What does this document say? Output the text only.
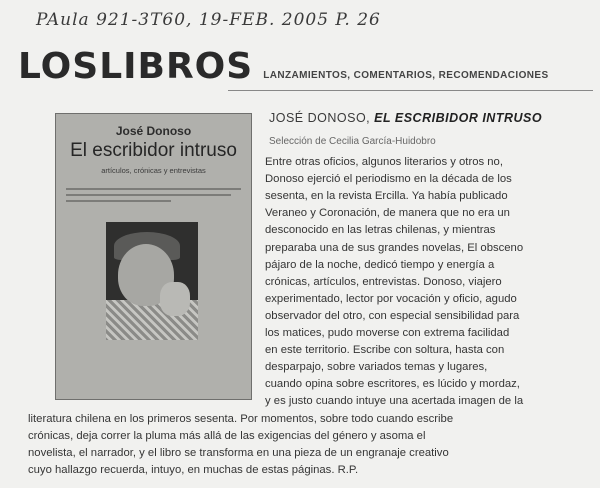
PAula 921-3T60, 19-FEB. 2005 P. 26
LOSLIBROS LANZAMIENTOS, COMENTARIOS, RECOMENDACIONES
José Donoso
El escribidor intruso
artículos, crónicas y entrevistas
JOSÉ DONOSO, EL ESCRIBIDOR INTRUSO
Selección de Cecilia García-Huidobro
Entre otras oficios, algunos literarios y otros no,
Donoso ejerció el periodismo en la década de los
sesenta, en la revista Ercilla. Ya había publicado
Veraneo y Coronación, de manera que no era un
desconocido en las letras chilenas, y mientras
preparaba una de sus grandes novelas, El obsceno
pájaro de la noche, dedicó tiempo y energía a
crónicas, artículos, entrevistas. Donoso, viajero
experimentado, lector por vocación y oficio, agudo
observador del otro, con especial sensibilidad para
los matices, pudo moverse con extrema facilidad
en este territorio. Escribe con soltura, hasta con
desparpajo, sobre variados temas y lugares,
cuando opina sobre escritores, es lúcido y mordaz,
y es justo cuando intuye una acertada imagen de la
literatura chilena en los primeros sesenta. Por momentos, sobre todo cuando escribe
crónicas, deja correr la pluma más allá de las exigencias del género y asoma el
novelista, el narrador, y el libro se transforma en una pieza de un engranaje creativo
cuyo hallazgo recuerda, intuyo, en muchas de estas páginas. R.P.
